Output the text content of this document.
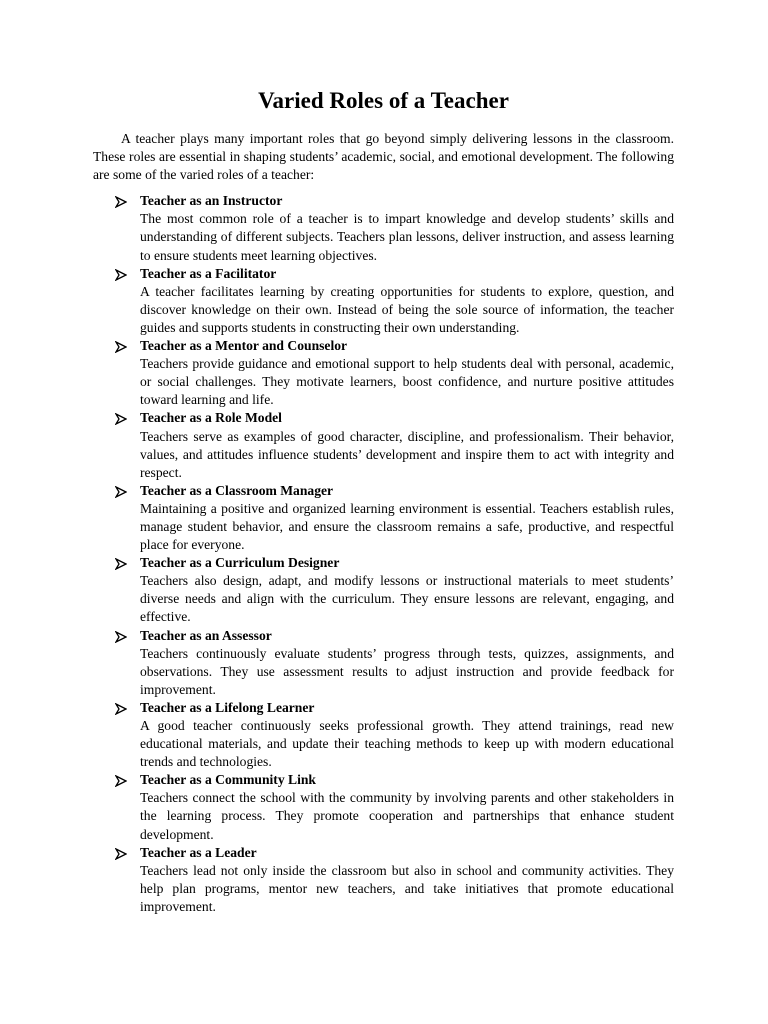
Varied Roles of a Teacher

A teacher plays many important roles that go beyond simply delivering lessons in the classroom. These roles are essential in shaping students’ academic, social, and emotional development. The following are some of the varied roles of a teacher:

Teacher as an Instructor
The most common role of a teacher is to impart knowledge and develop students’ skills and understanding of different subjects. Teachers plan lessons, deliver instruction, and assess learning to ensure students meet learning objectives.
Teacher as a Facilitator
A teacher facilitates learning by creating opportunities for students to explore, question, and discover knowledge on their own. Instead of being the sole source of information, the teacher guides and supports students in constructing their own understanding.
Teacher as a Mentor and Counselor
Teachers provide guidance and emotional support to help students deal with personal, academic, or social challenges. They motivate learners, boost confidence, and nurture positive attitudes toward learning and life.
Teacher as a Role Model
Teachers serve as examples of good character, discipline, and professionalism. Their behavior, values, and attitudes influence students’ development and inspire them to act with integrity and respect.
Teacher as a Classroom Manager
Maintaining a positive and organized learning environment is essential. Teachers establish rules, manage student behavior, and ensure the classroom remains a safe, productive, and respectful place for everyone.
Teacher as a Curriculum Designer
Teachers also design, adapt, and modify lessons or instructional materials to meet students’ diverse needs and align with the curriculum. They ensure lessons are relevant, engaging, and effective.
Teacher as an Assessor
Teachers continuously evaluate students’ progress through tests, quizzes, assignments, and observations. They use assessment results to adjust instruction and provide feedback for improvement.
Teacher as a Lifelong Learner
A good teacher continuously seeks professional growth. They attend trainings, read new educational materials, and update their teaching methods to keep up with modern educational trends and technologies.
Teacher as a Community Link
Teachers connect the school with the community by involving parents and other stakeholders in the learning process. They promote cooperation and partnerships that enhance student development.
Teacher as a Leader
Teachers lead not only inside the classroom but also in school and community activities. They help plan programs, mentor new teachers, and take initiatives that promote educational improvement.
